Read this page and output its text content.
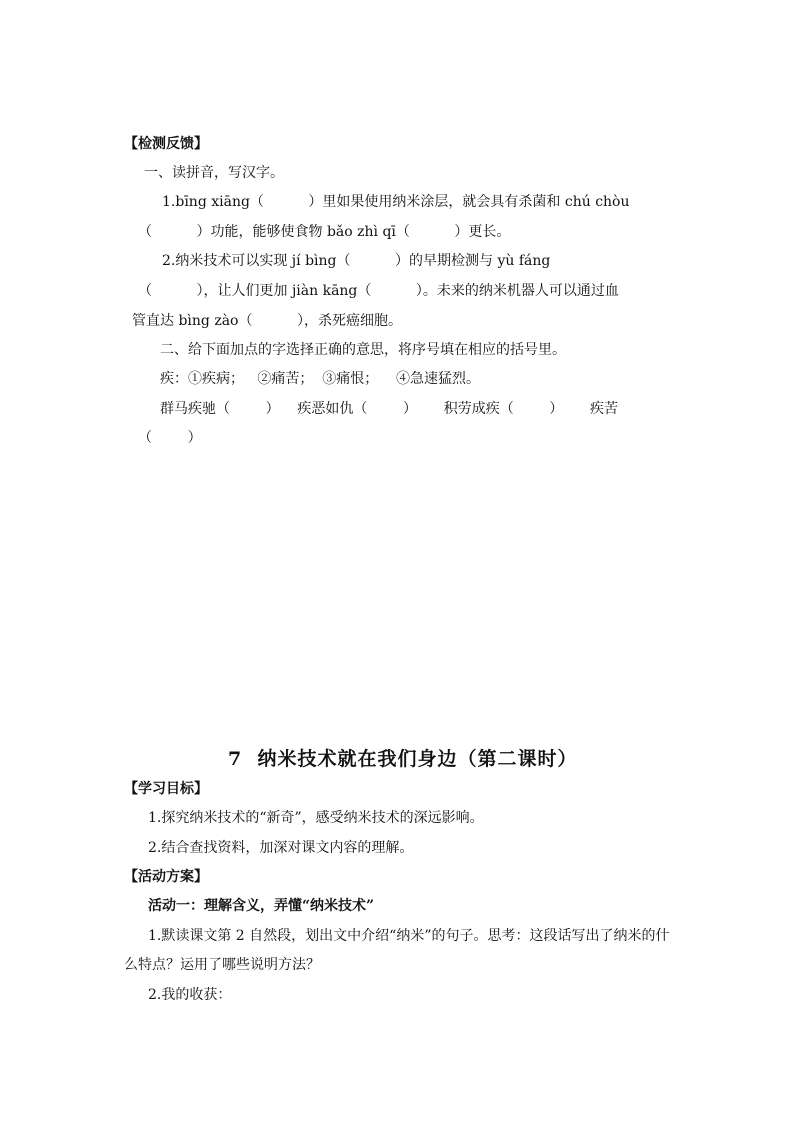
【检测反馈】
一、读拼音，写汉字。
1.bīng xiāng（          ）里如果使用纳米涂层，就会具有杀菌和 chú chòu
（          ）功能，能够使食物 bǎo zhì qī（          ）更长。
2.纳米技术可以实现 jí bìng（          ）的早期检测与 yù fáng
（          ），让人们更加 jiàn kāng（          ）。未来的纳米机器人可以通过血
管直达 bìng zào（          ），杀死癌细胞。
二、给下面加点的字选择正确的意思，将序号填在相应的括号里。
疾：①疾病；   ②痛苦；  ③痛恨；    ④急速猛烈。
群马疾驰（        ）    疾恶如仇（        ）      积劳成疾（        ）      疾苦
（        ）
7  纳米技术就在我们身边（第二课时）
【学习目标】
1.探究纳米技术的“新奇”，感受纳米技术的深远影响。
2.结合查找资料，加深对课文内容的理解。
【活动方案】
活动一：理解含义，弄懂“纳米技术”
1.默读课文第 2 自然段，划出文中介绍“纳米”的句子。思考：这段话写出了纳米的什
么特点？运用了哪些说明方法？
2.我的收获：
